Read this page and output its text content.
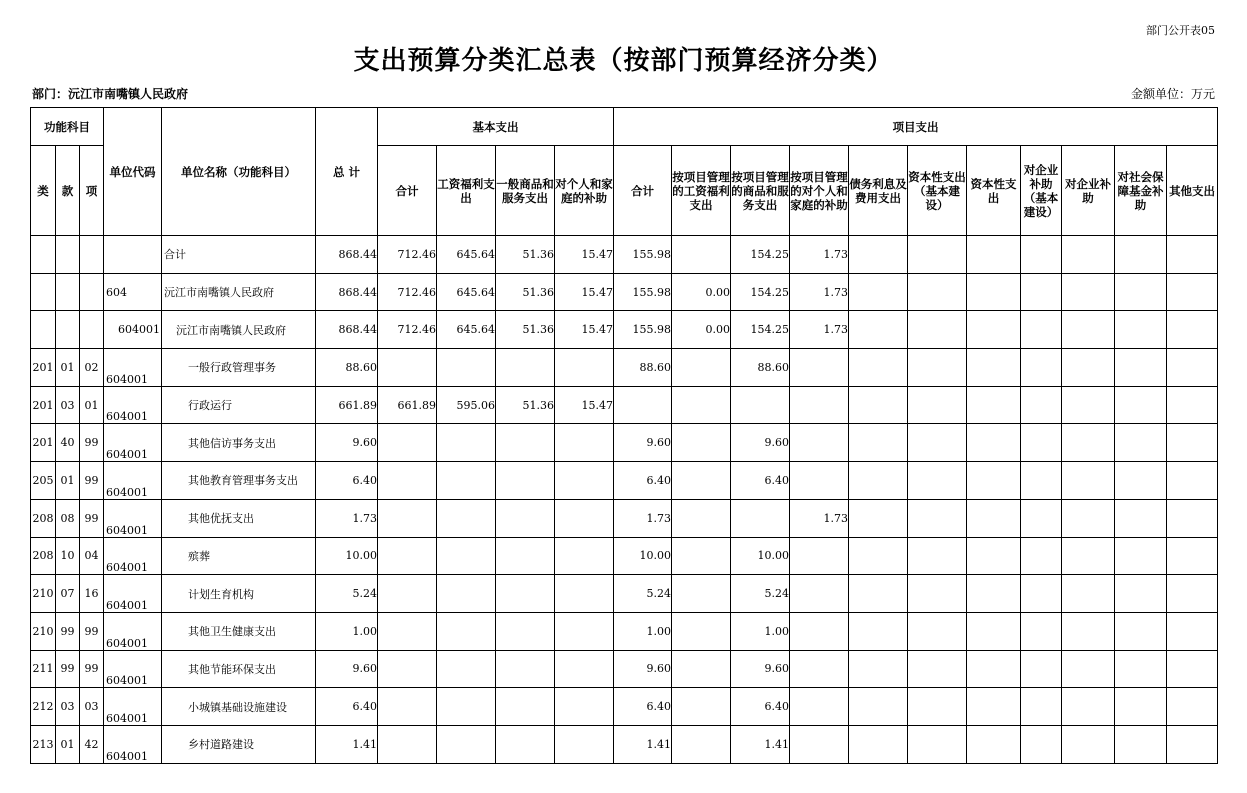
部门公开表05
支出预算分类汇总表（按部门预算经济分类）
部门：沅江市南嘴镇人民政府	金额单位：万元
功能科目			单位代码	单位名称（功能科目）	总 计	基本支出				项目支出										
类	款	项				合计	工资福利支出	一般商品和服务支出	对个人和家庭的补助	合计	按项目管理的工资福利支出	按项目管理的商品和服务支出	按项目管理的对个人和家庭的补助	债务利息及费用支出	资本性支出（基本建设）	资本性支出	对企业补助（基本建设）	对企业补助	对社会保障基金补助	其他支出
				合计	868.44	712.46	645.64	51.36	15.47	155.98		154.25	1.73							
			604	沅江市南嘴镇人民政府	868.44	712.46	645.64	51.36	15.47	155.98	0.00	154.25	1.73							
			604001	沅江市南嘴镇人民政府	868.44	712.46	645.64	51.36	15.47	155.98	0.00	154.25	1.73							
201	01	02	604001	一般行政管理事务	88.60					88.60		88.60								
201	03	01	604001	行政运行	661.89	661.89	595.06	51.36	15.47											
201	40	99	604001	其他信访事务支出	9.60					9.60		9.60								
205	01	99	604001	其他教育管理事务支出	6.40					6.40		6.40								
208	08	99	604001	其他优抚支出	1.73					1.73			1.73							
208	10	04	604001	殡葬	10.00					10.00		10.00								
210	07	16	604001	计划生育机构	5.24					5.24		5.24								
210	99	99	604001	其他卫生健康支出	1.00					1.00		1.00								
211	99	99	604001	其他节能环保支出	9.60					9.60		9.60								
212	03	03	604001	小城镇基础设施建设	6.40					6.40		6.40								
213	01	42	604001	乡村道路建设	1.41					1.41		1.41								
